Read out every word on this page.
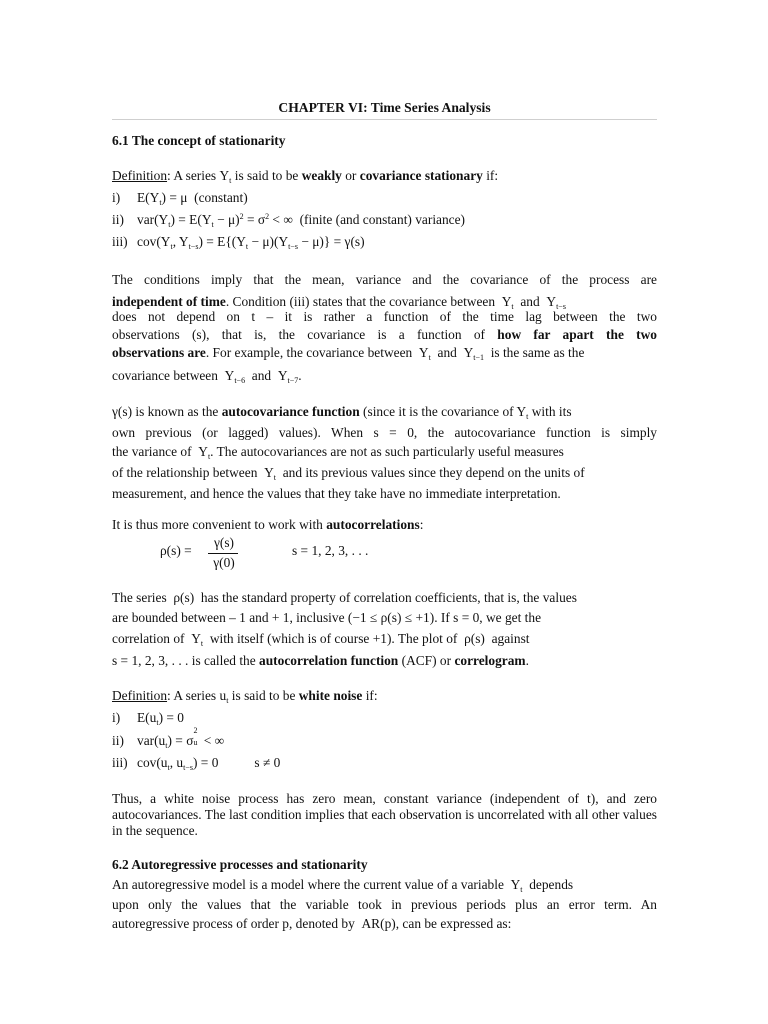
CHAPTER VI: Time Series Analysis
6.1 The concept of stationarity
Definition: A series $Y_t$ is said to be weakly or covariance stationary if:
i) $E(Y_t) = \mu$ (constant)
ii) $var(Y_t) = E(Y_t - \mu)^2 = \sigma^2$ < ∞ (finite (and constant) variance)
iii) $cov(Y_t$, $Y_{t-s}) = E\{(Y_t - \mu)(Y_{t-s} - \mu)\} = \gamma(s)$
The conditions imply that the mean, variance and the covariance of the process are
independent of time. Condition (iii) states that the covariance between $Y_t$ and $Y_{t-s}$
does not depend on t – it is rather a function of the time lag between the two
observations (s), that is, the covariance is a function of how far apart the two
observations are. For example, the covariance between $Y_t$ and $Y_{t-1}$ is the same as the
covariance between $Y_{t-6}$ and $Y_{t-7}$.
γ(s) is known as the autocovariance function (since it is the covariance of $Y_t$ with its
own previous (or lagged) values). When s = 0, the autocovariance function is simply
the variance of $Y_t$. The autocovariances are not as such particularly useful measures
of the relationship between $Y_t$ and its previous values since they depend on the units of
measurement, and hence the values that they take have no immediate interpretation.
It is thus more convenient to work with autocorrelations:
ρ(s) =
γ(s)
γ(0)
s = 1, 2, 3, . . .
The series ρ(s) has the standard property of correlation coefficients, that is, the values
are bounded between – 1 and + 1, inclusive (−1 ≤ ρ(s) ≤ +1). If s = 0, we get the
correlation of $Y_t$ with itself (which is of course +1). The plot of ρ(s) against
s = 1, 2, 3, . . . is called the autocorrelation function (ACF) or correlogram.
Definition: A series $u_t$ is said to be white noise if:
i) $E(u_t) = 0$
ii) $var(u_t) = \sigma$
2
u < ∞
iii) $cov(u_t$, $u_{t-s}) = 0$	s ≠ 0
Thus, a white noise process has zero mean, constant variance (independent of t), and zero autocovariances. The last condition implies that each observation is uncorrelated with all other values in the sequence.
6.2 Autoregressive processes and stationarity
An autoregressive model is a model where the current value of a variable $Y_t$ depends
upon only the values that the variable took in previous periods plus an error term. An
autoregressive process of order p, denoted by AR(p), can be expressed as:
